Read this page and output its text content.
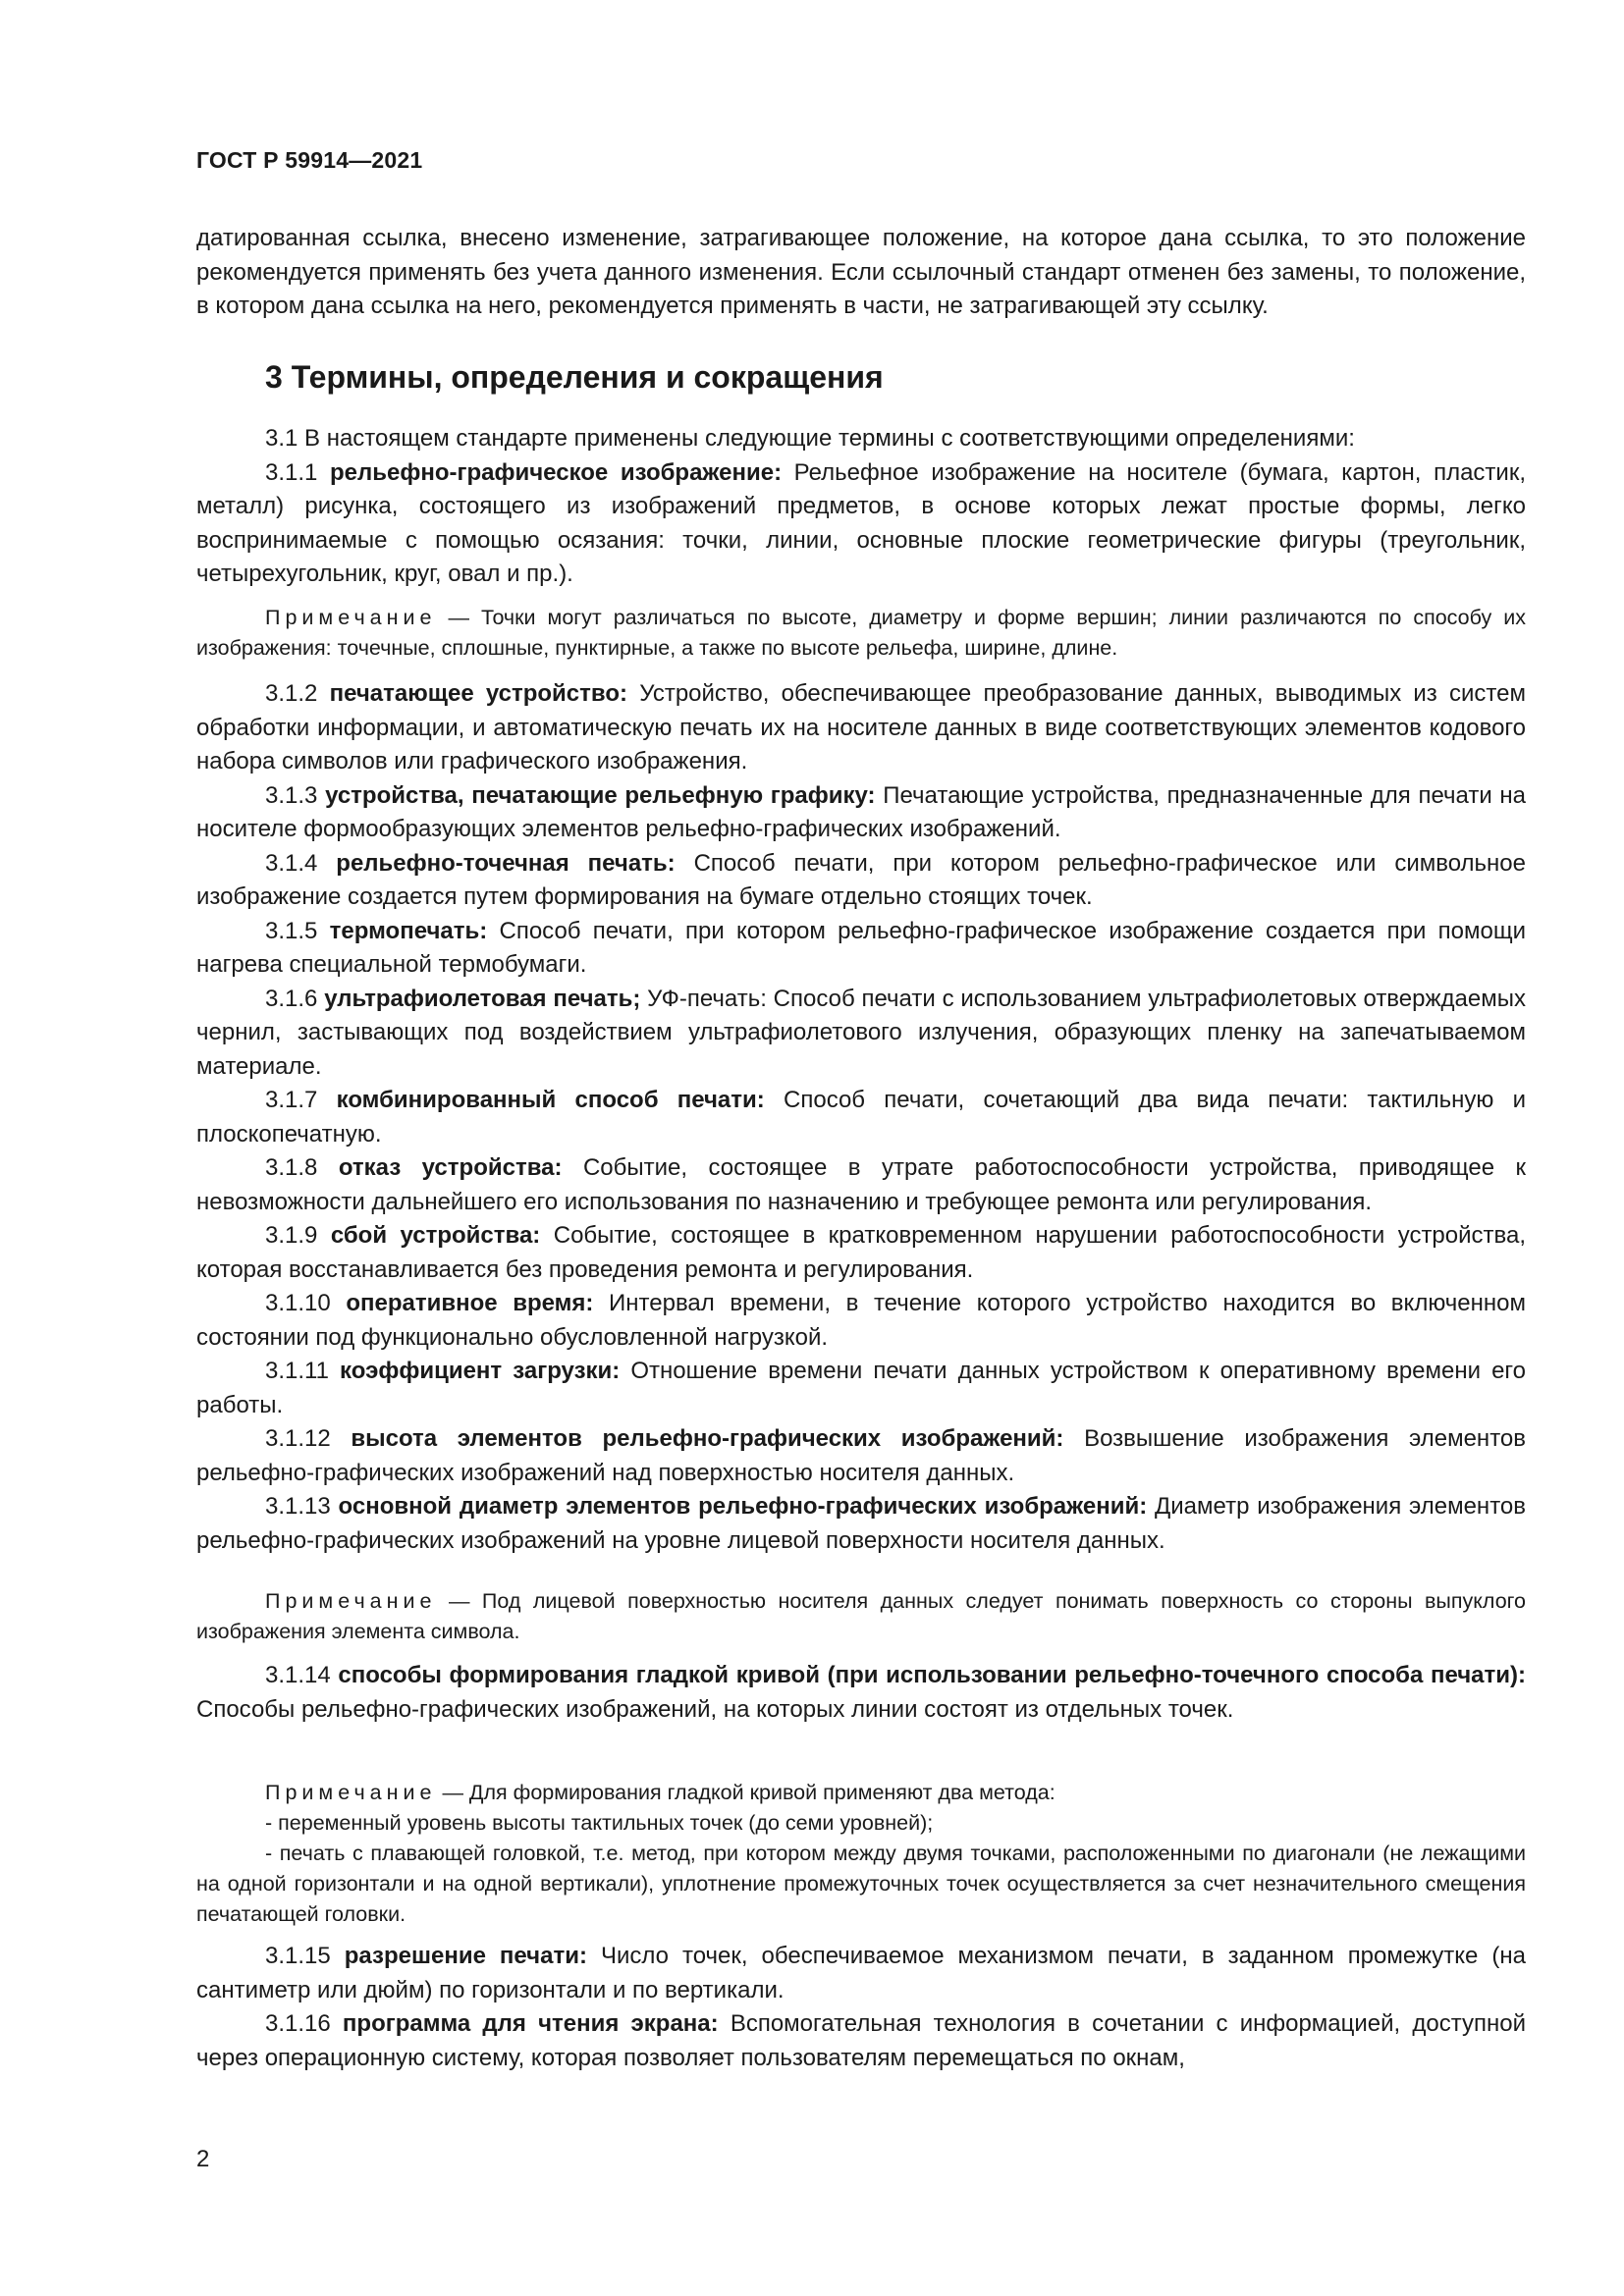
ГОСТ Р 59914—2021

датированная ссылка, внесено изменение, затрагивающее положение, на которое дана ссылка, то это положение рекомендуется применять без учета данного изменения. Если ссылочный стандарт отменен без замены, то положение, в котором дана ссылка на него, рекомендуется применять в части, не затрагивающей эту ссылку.

3 Термины, определения и сокращения

3.1 В настоящем стандарте применены следующие термины с соответствующими определениями:

3.1.1 рельефно-графическое изображение: Рельефное изображение на носителе (бумага, картон, пластик, металл) рисунка, состоящего из изображений предметов, в основе которых лежат простые формы, легко воспринимаемые с помощью осязания: точки, линии, основные плоские геометрические фигуры (треугольник, четырехугольник, круг, овал и пр.).

Примечание — Точки могут различаться по высоте, диаметру и форме вершин; линии различаются по способу их изображения: точечные, сплошные, пунктирные, а также по высоте рельефа, ширине, длине.

3.1.2 печатающее устройство: Устройство, обеспечивающее преобразование данных, выводимых из систем обработки информации, и автоматическую печать их на носителе данных в виде соответствующих элементов кодового набора символов или графического изображения.

3.1.3 устройства, печатающие рельефную графику: Печатающие устройства, предназначенные для печати на носителе формообразующих элементов рельефно-графических изображений.

3.1.4 рельефно-точечная печать: Способ печати, при котором рельефно-графическое или символьное изображение создается путем формирования на бумаге отдельно стоящих точек.

3.1.5 термопечать: Способ печати, при котором рельефно-графическое изображение создается при помощи нагрева специальной термобумаги.

3.1.6 ультрафиолетовая печать; УФ-печать: Способ печати с использованием ультрафиолетовых отверждаемых чернил, застывающих под воздействием ультрафиолетового излучения, образующих пленку на запечатываемом материале.

3.1.7 комбинированный способ печати: Способ печати, сочетающий два вида печати: тактильную и плоскопечатную.

3.1.8 отказ устройства: Событие, состоящее в утрате работоспособности устройства, приводящее к невозможности дальнейшего его использования по назначению и требующее ремонта или регулирования.

3.1.9 сбой устройства: Событие, состоящее в кратковременном нарушении работоспособности устройства, которая восстанавливается без проведения ремонта и регулирования.

3.1.10 оперативное время: Интервал времени, в течение которого устройство находится во включенном состоянии под функционально обусловленной нагрузкой.

3.1.11 коэффициент загрузки: Отношение времени печати данных устройством к оперативному времени его работы.

3.1.12 высота элементов рельефно-графических изображений: Возвышение изображения элементов рельефно-графических изображений над поверхностью носителя данных.

3.1.13 основной диаметр элементов рельефно-графических изображений: Диаметр изображения элементов рельефно-графических изображений на уровне лицевой поверхности носителя данных.

Примечание — Под лицевой поверхностью носителя данных следует понимать поверхность со стороны выпуклого изображения элемента символа.

3.1.14 способы формирования гладкой кривой (при использовании рельефно-точечного способа печати): Способы рельефно-графических изображений, на которых линии состоят из отдельных точек.

Примечание — Для формирования гладкой кривой применяют два метода:

- переменный уровень высоты тактильных точек (до семи уровней);

- печать с плавающей головкой, т.е. метод, при котором между двумя точками, расположенными по диагонали (не лежащими на одной горизонтали и на одной вертикали), уплотнение промежуточных точек осуществляется за счет незначительного смещения печатающей головки.

3.1.15 разрешение печати: Число точек, обеспечиваемое механизмом печати, в заданном промежутке (на сантиметр или дюйм) по горизонтали и по вертикали.

3.1.16 программа для чтения экрана: Вспомогательная технология в сочетании с информацией, доступной через операционную систему, которая позволяет пользователям перемещаться по окнам,

2
